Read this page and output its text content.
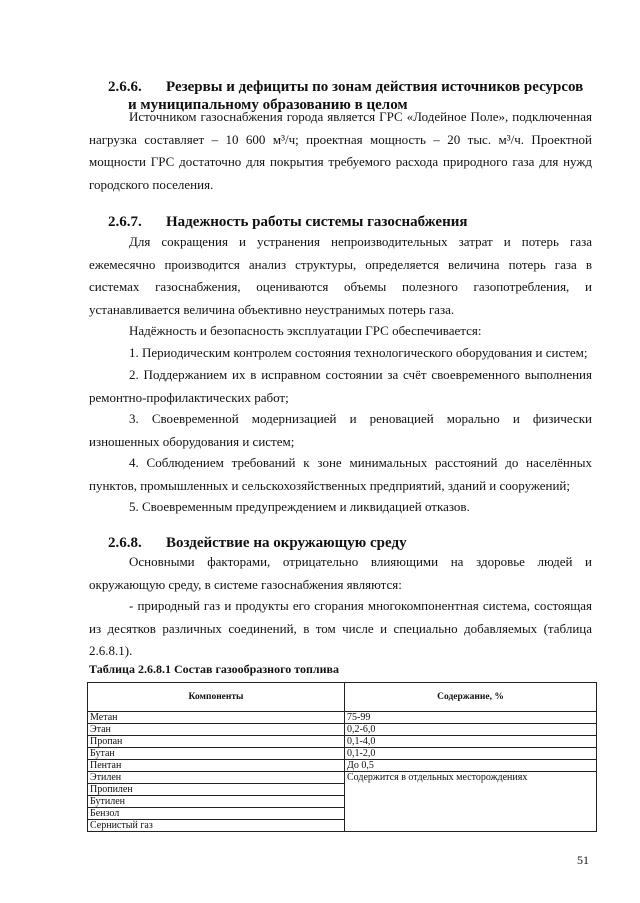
2.6.6. Резервы и дефициты по зонам действия источников ресурсов
и муниципальному образованию в целом

Источником газоснабжения города является ГРС «Лодейное Поле», подключенная нагрузка составляет – 10 600 м³/ч; проектная мощность – 20 тыс. м³/ч. Проектной мощности ГРС достаточно для покрытия требуемого расхода природного газа для нужд городского поселения.

2.6.7. Надежность работы системы газоснабжения

Для сокращения и устранения непроизводительных затрат и потерь газа ежемесячно производится анализ структуры, определяется величина потерь газа в системах газоснабжения, оцениваются объемы полезного газопотребления, и устанавливается величина объективно неустранимых потерь газа.

Надёжность и безопасность эксплуатации ГРС обеспечивается:

1. Периодическим контролем состояния технологического оборудования и систем;

2. Поддержанием их в исправном состоянии за счёт своевременного выполнения ремонтно-профилактических работ;

3. Своевременной модернизацией и реновацией морально и физически изношенных оборудования и систем;

4. Соблюдением требований к зоне минимальных расстояний до населённых пунктов, промышленных и сельскохозяйственных предприятий, зданий и сооружений;

5. Своевременным предупреждением и ликвидацией отказов.

2.6.8. Воздействие на окружающую среду

Основными факторами, отрицательно влияющими на здоровье людей и окружающую среду, в системе газоснабжения являются:

- природный газ и продукты его сгорания многокомпонентная система, состоящая из десятков различных соединений, в том числе и специально добавляемых (таблица 2.6.8.1).

Таблица 2.6.8.1 Состав газообразного топлива
Компоненты	Содержание, %
Метан	75-99
Этан	0,2-6,0
Пропан	0,1-4,0
Бутан	0,1-2,0
Пентан	До 0,5
Этилен	Содержится в отдельных месторождениях
Пропилен	
Бутилен	
Бензол	
Сернистый газ	
51
